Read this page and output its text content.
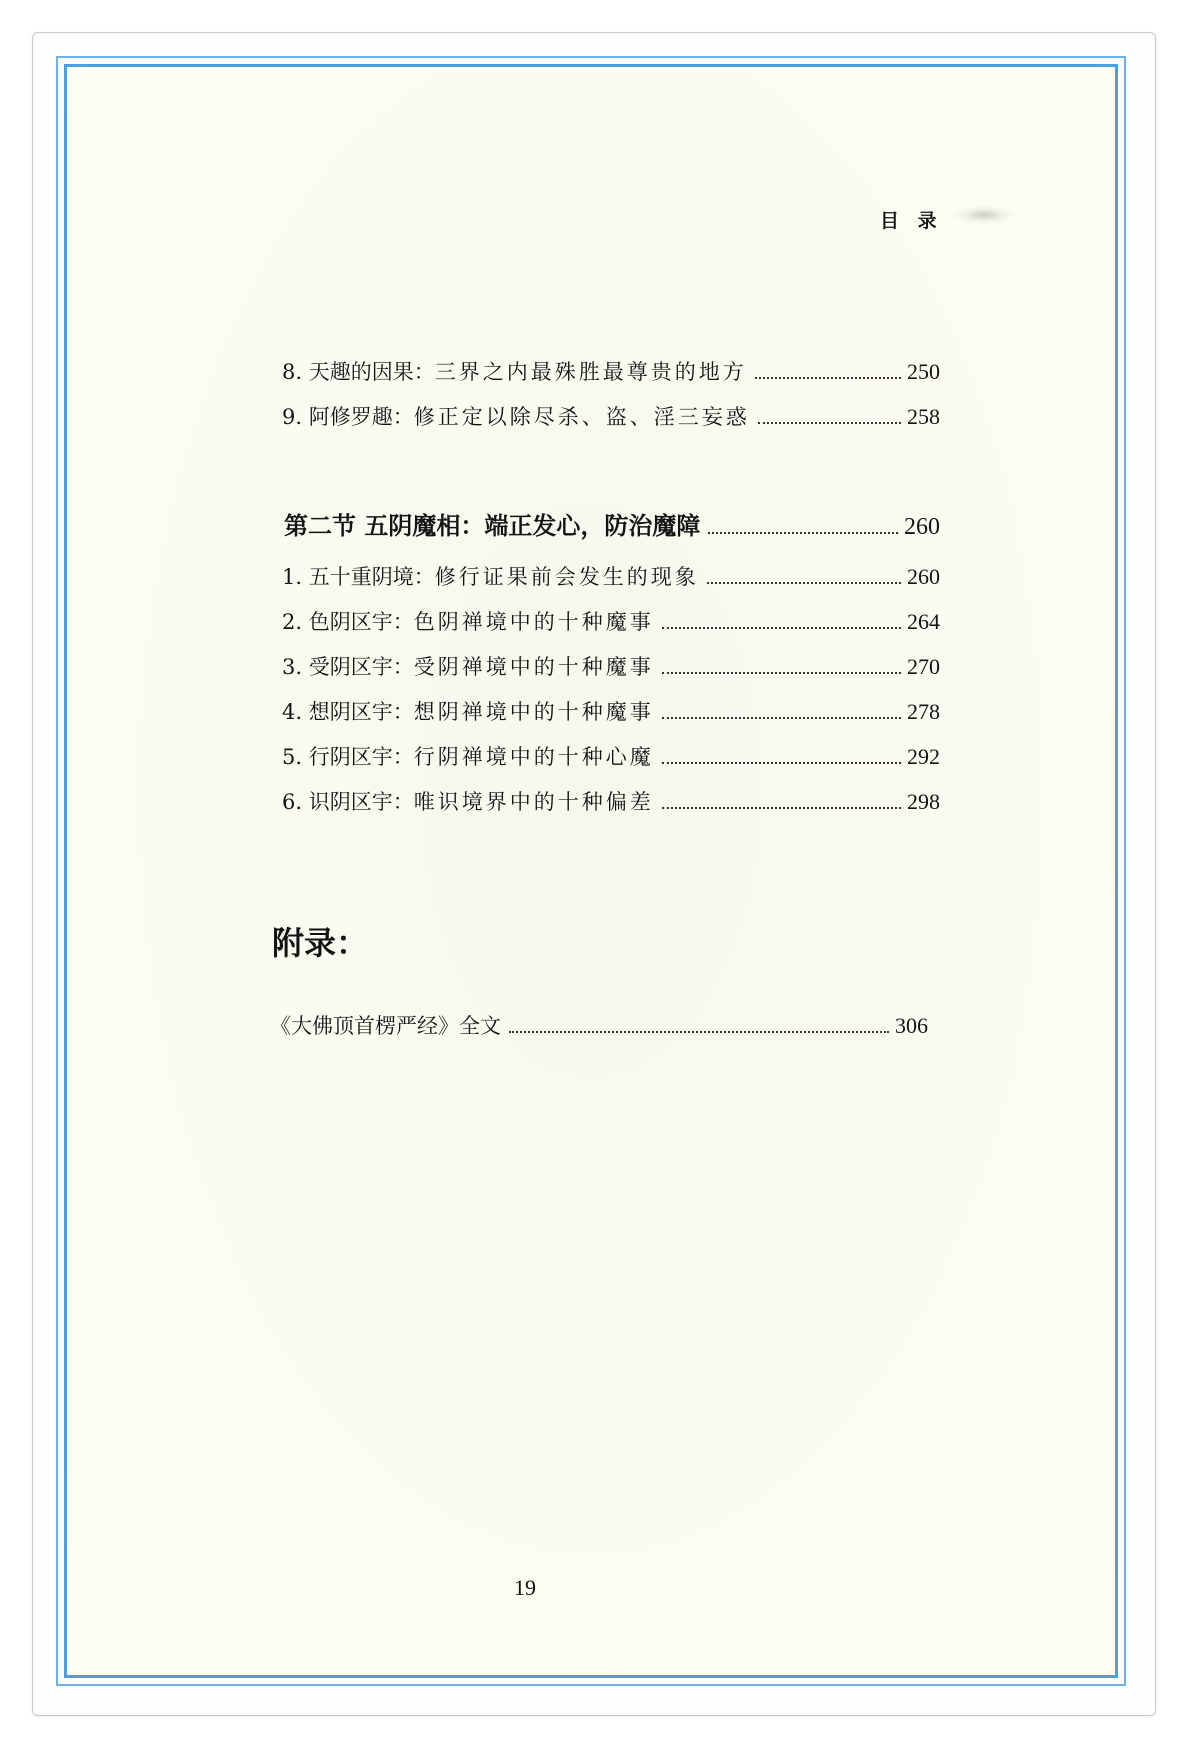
目 录
8. 天趣的因果：三界之内最殊胜最尊贵的地方	250
9. 阿修罗趣：修正定以除尽杀、盗、淫三妄惑	258
第二节 五阴魔相：端正发心，防治魔障	260
1. 五十重阴境：修行证果前会发生的现象	260
2. 色阴区宇：色阴禅境中的十种魔事	264
3. 受阴区宇：受阴禅境中的十种魔事	270
4. 想阴区宇：想阴禅境中的十种魔事	278
5. 行阴区宇：行阴禅境中的十种心魔	292
6. 识阴区宇：唯识境界中的十种偏差	298
附录：
《大佛顶首楞严经》全文	306
19
